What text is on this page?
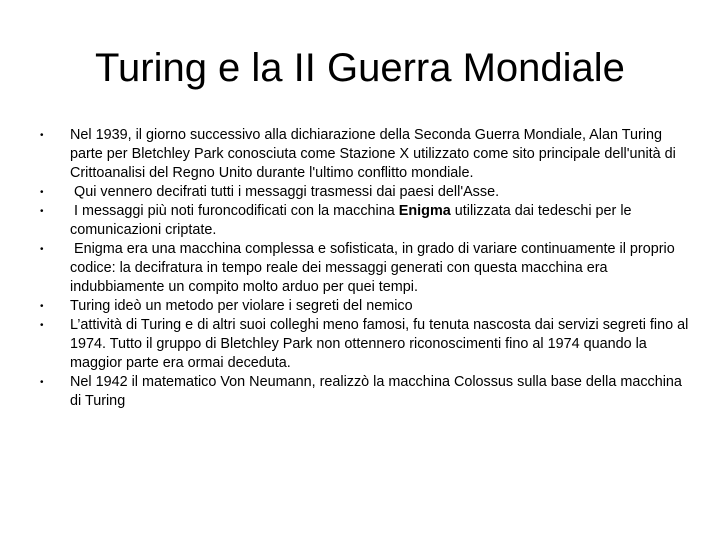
Turing e la II Guerra Mondiale
• Nel 1939, il giorno successivo alla dichiarazione della Seconda Guerra Mondiale, Alan Turing parte per Bletchley Park conosciuta come Stazione X utilizzato come sito principale dell'unità di Crittoanalisi del Regno Unito durante l'ultimo conflitto mondiale.
• Qui vennero decifrati tutti i messaggi trasmessi dai paesi dell'Asse.
• I messaggi più noti furoncodificati con la macchina Enigma utilizzata dai tedeschi per le comunicazioni criptate.
• Enigma era una macchina complessa e sofisticata, in grado di variare continuamente il proprio codice: la decifratura in tempo reale dei messaggi generati con questa macchina era indubbiamente un compito molto arduo per quei tempi.
• Turing ideò un metodo per violare i segreti del nemico
• L’attività di Turing e di altri suoi colleghi meno famosi, fu tenuta nascosta dai servizi segreti fino al 1974. Tutto il gruppo di Bletchley Park non ottennero riconoscimenti fino al 1974 quando la maggior parte era ormai deceduta.
• Nel 1942 il matematico Von Neumann, realizzò la macchina Colossus sulla base della macchina di Turing
